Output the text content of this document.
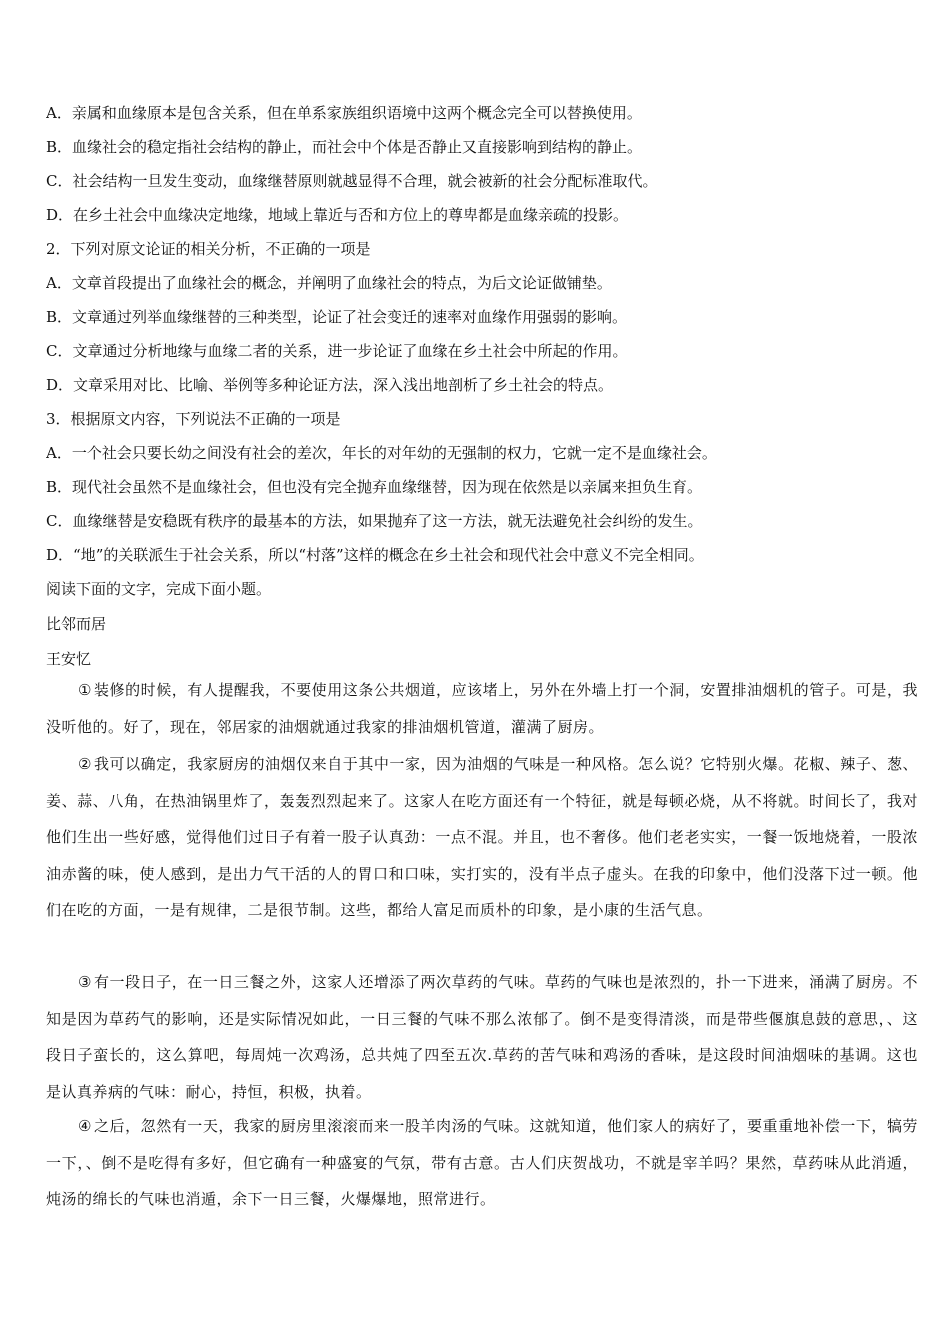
A．亲属和血缘原本是包含关系，但在单系家族组织语境中这两个概念完全可以替换使用。
B．血缘社会的稳定指社会结构的静止，而社会中个体是否静止又直接影响到结构的静止。
C．社会结构一旦发生变动，血缘继替原则就越显得不合理，就会被新的社会分配标准取代。
D．在乡土社会中血缘决定地缘，地域上靠近与否和方位上的尊卑都是血缘亲疏的投影。
2．下列对原文论证的相关分析，不正确的一项是
A．文章首段提出了血缘社会的概念，并阐明了血缘社会的特点，为后文论证做铺垫。
B．文章通过列举血缘继替的三种类型，论证了社会变迁的速率对血缘作用强弱的影响。
C．文章通过分析地缘与血缘二者的关系，进一步论证了血缘在乡土社会中所起的作用。
D．文章采用对比、比喻、举例等多种论证方法，深入浅出地剖析了乡土社会的特点。
3．根据原文内容，下列说法不正确的一项是
A．一个社会只要长幼之间没有社会的差次，年长的对年幼的无强制的权力，它就一定不是血缘社会。
B．现代社会虽然不是血缘社会，但也没有完全抛弃血缘继替，因为现在依然是以亲属来担负生育。
C．血缘继替是安稳既有秩序的最基本的方法，如果抛弃了这一方法，就无法避免社会纠纷的发生。
D．“地”的关联派生于社会关系，所以“村落”这样的概念在乡土社会和现代社会中意义不完全相同。
阅读下面的文字，完成下面小题。
比邻而居
王安忆
① 装修的时候，有人提醒我，不要使用这条公共烟道，应该堵上，另外在外墙上打一个洞，安置排油烟机的管子。可是，我没听他的。好了，现在，邻居家的油烟就通过我家的排油烟机管道，灌满了厨房。
② 我可以确定，我家厨房的油烟仅来自于其中一家，因为油烟的气味是一种风格。怎么说？它特别火爆。花椒、辣子、葱、姜、蒜、八角，在热油锅里炸了，轰轰烈烈起来了。这家人在吃方面还有一个特征，就是每顿必烧，从不将就。时间长了，我对他们生出一些好感，觉得他们过日子有着一股子认真劲：一点不混。并且，也不奢侈。他们老老实实，一餐一饭地烧着，一股浓油赤酱的味，使人感到，是出力气干活的人的胃口和口味，实打实的，没有半点子虚头。在我的印象中，他们没落下过一顿。他们在吃的方面，一是有规律，二是很节制。这些，都给人富足而质朴的印象，是小康的生活气息。
③ 有一段日子，在一日三餐之外，这家人还增添了两次草药的气味。草药的气味也是浓烈的，扑一下进来，涌满了厨房。不知是因为草药气的影响，还是实际情况如此，一日三餐的气味不那么浓郁了。倒不是变得清淡，而是带些偃旗息鼓的意思，、这段日子蛮长的，这么算吧，每周炖一次鸡汤，总共炖了四至五次.草药的苦气味和鸡汤的香味，是这段时间油烟味的基调。这也是认真养病的气味：耐心，持恒，积极，执着。
④ 之后，忽然有一天，我家的厨房里滚滚而来一股羊肉汤的气味。这就知道，他们家人的病好了，要重重地补偿一下，犒劳一下，、倒不是吃得有多好，但它确有一种盛宴的气氛，带有古意。古人们庆贺战功，不就是宰羊吗？果然，草药味从此消遁，炖汤的绵长的气味也消遁，余下一日三餐，火爆爆地，照常进行。
